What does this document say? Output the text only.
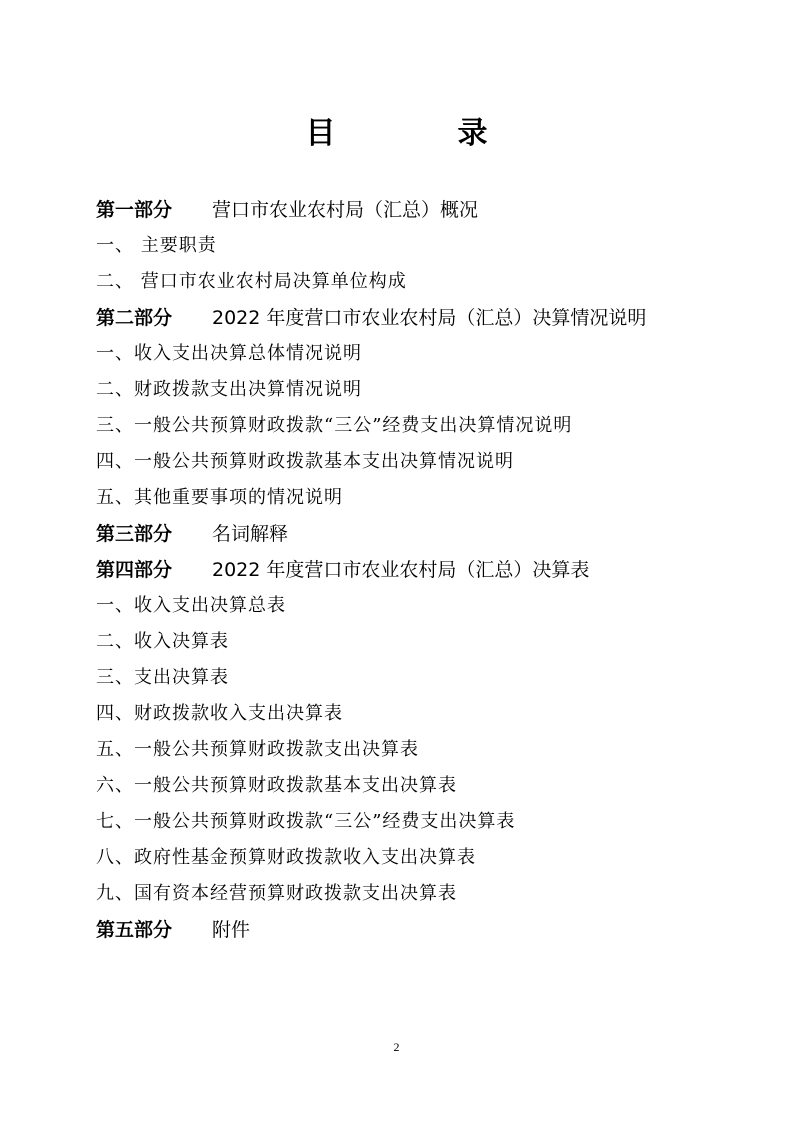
目　录
第一部分 营口市农业农村局（汇总）概况
一、 主要职责
二、 营口市农业农村局决算单位构成
第二部分 2022 年度营口市农业农村局（汇总）决算情况说明
一、收入支出决算总体情况说明
二、财政拨款支出决算情况说明
三、一般公共预算财政拨款“三公”经费支出决算情况说明
四、一般公共预算财政拨款基本支出决算情况说明
五、其他重要事项的情况说明
第三部分 名词解释
第四部分 2022 年度营口市农业农村局（汇总）决算表
一、收入支出决算总表
二、收入决算表
三、支出决算表
四、财政拨款收入支出决算表
五、一般公共预算财政拨款支出决算表
六、一般公共预算财政拨款基本支出决算表
七、一般公共预算财政拨款“三公”经费支出决算表
八、政府性基金预算财政拨款收入支出决算表
九、国有资本经营预算财政拨款支出决算表
第五部分 附件
2
